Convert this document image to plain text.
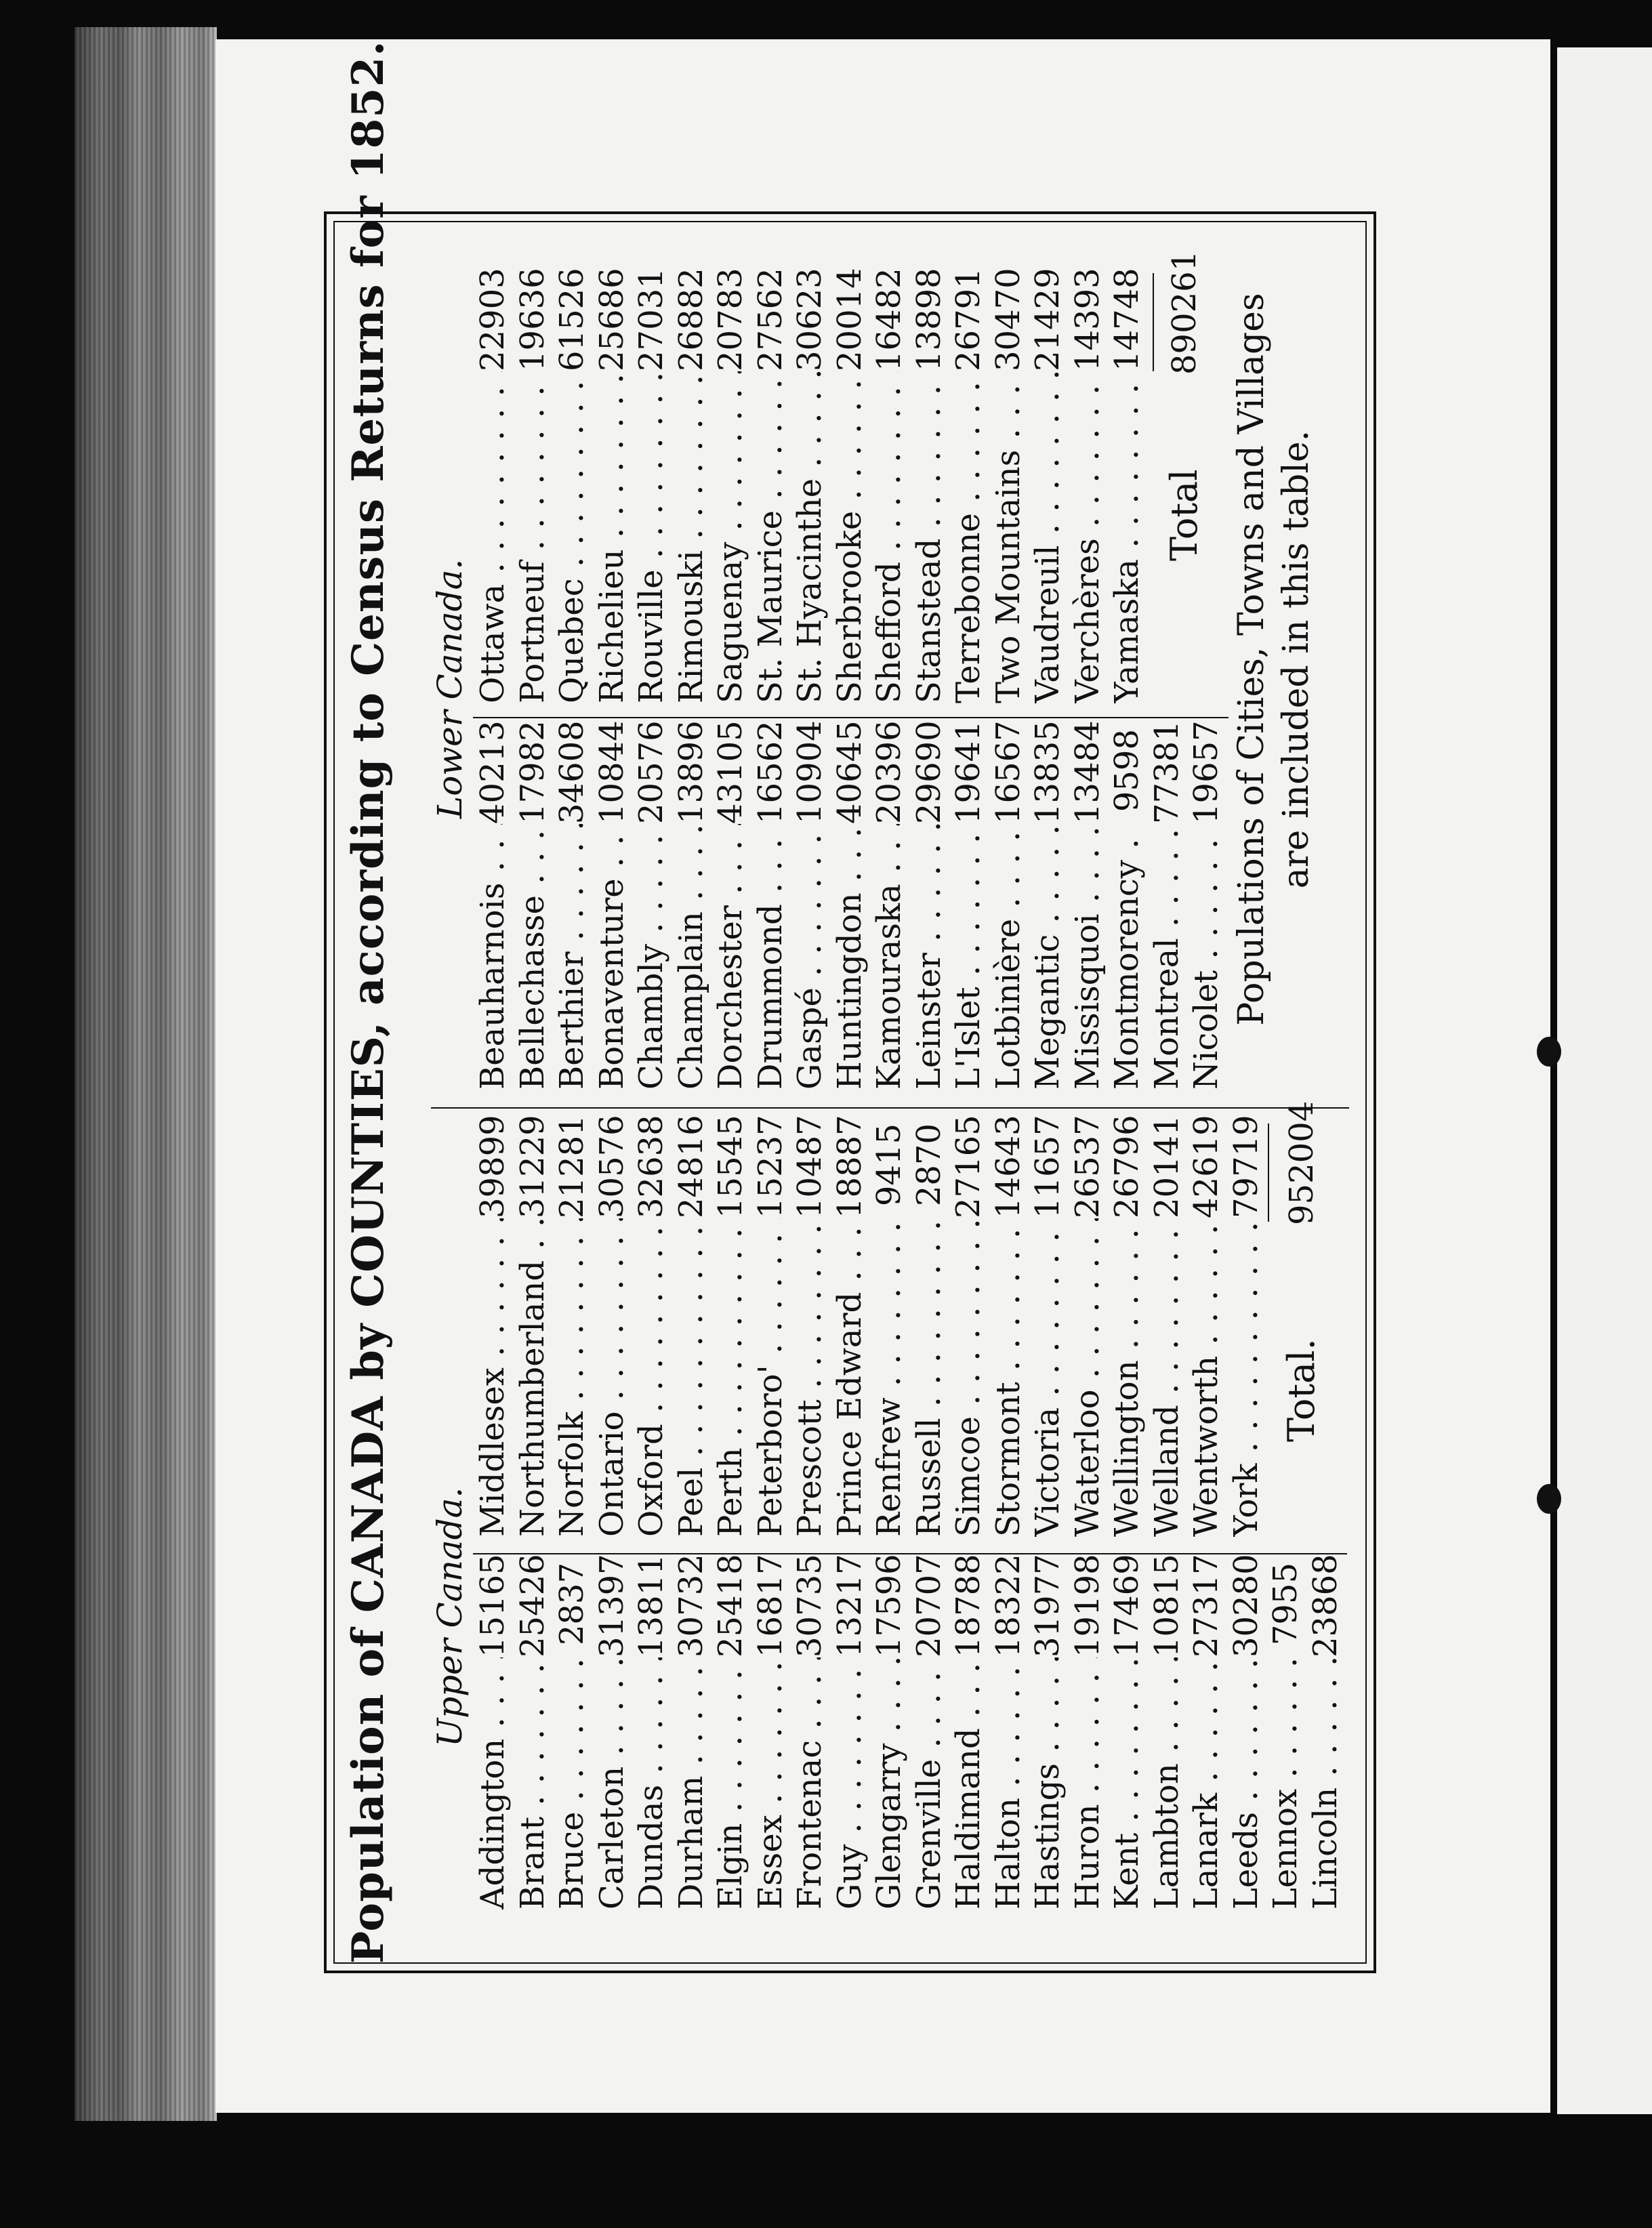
Population of CANADA by COUNTIES, according to Census Returns for 1852. Upper Canada.
Lower Canada.
Addington . . .
15165
Brant . . .
25426
Bruce . . .
2837
Carleton . . .
31397
Dundas . . .
13811
Durham . . .
30732
Elgin . . .
25418
Essex . . .
16817
Frontenac . . .
30735
Guy . . .
13217
Glengarry . . .
17596
Grenville . . .
20707
Haldimand . . .
18788
Halton . . .
18322
Hastings . . .
31977
Huron . . .
19198
Kent . . .
17469
Lambton . . .
10815
Lanark . . .
27317
Leeds . . .
30280
Lennox . . .
7955
Lincoln . . .
23868
Middlesex . . .
39899
Northumberland . . .
31229
Norfolk . . .
21281
Ontario . . .
30576
Oxford . . .
32638
Peel . . .
24816
Perth . . .
15545
Peterboro' . . .
15237
Prescott . . .
10487
Prince Edward . . .
18887
Renfrew . . .
9415
Russell . . .
2870
Simcoe . . .
27165
Stormont . . .
14643
Victoria . . .
11657
Waterloo . . .
26537
Wellington . . .
26796
Welland . . .
20141
Wentworth . . .
42619
York . . .
79719
Beauharnois . . .
40213
Bellechasse . . .
17982
Berthier . . .
34608
Bonaventure . . .
10844
Chambly . . .
20576
Champlain . . .
13896
Dorchester . . .
43105
Drummond . . .
16562
Gaspé . . .
10904
Huntingdon . . .
40645
Kamouraska . . .
20396
Leinster . . .
29690
L'Islet . . .
19641
Lotbinière . . .
16567
Megantic . . .
13835
Missisquoi . . .
13484
Montmorency . . .
9598
Montreal . . .
77381
Nicolet . . .
19657
Ottawa . . .
22903
Portneuf . . .
19636
Quebec . . .
61526
Richelieu . . .
25686
Rouville . . .
27031
Rimouski . . .
26882
Saguenay . . .
20783
St. Maurice . . .
27562
St. Hyacinthe . . .
30623
Sherbrooke . . .
20014
Shefford . . .
16482
Stanstead . . .
13898
Terrebonne . . .
26791
Two Mountains . . .
30470
Vaudreuil . . .
21429
Verchères . . .
14393
Yamaska . . .
14748
Total.
952004
Total
890261 Populations of Cities, Towns and Villages are included in this table.
